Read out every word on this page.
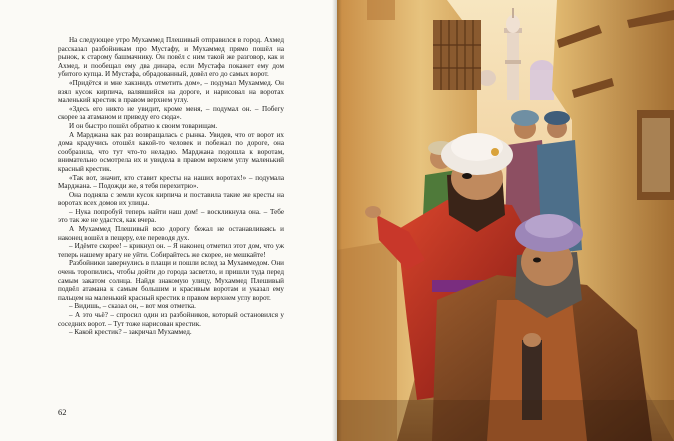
На следующее утро Мухаммед Плешивый отправился в город. Ахмед рассказал разбойникам про Мустафу, и Мухаммед прямо пошёл на рынок, к старому башмачнику. Он повёл с ним такой же разговор, как и Ахмед, и пообещал ему два динара, если Мустафа покажет ему дом убитого купца. И Мустафа, обрадованный, довёл его до самых ворот.

«Придётся и мне хакзнидъ отметить дом», – подумал Мухаммед. Он взял кусок кирпича, валявшийся на дороге, и нарисовал на воротах маленький крестик в правом верхнем углу.

«Здесь его никто не увидит, кроме меня, – подумал он. – Побегу скорее за атаманом и приведу его сюда».

И он быстро пошёл обратно к своим товарищам.

А Марджана как раз возвращалась с рынка. Увидев, что от ворот их дома крадучись отошёл какой-то человек и побежал по дороге, она сообразила, что тут что-то неладно. Марджана подошла к воротам, внимательно осмотрела их и увидела в правом верхнем углу маленький красный крестик.

«Так вот, значит, кто ставит кресты на наших воротах!» – подумала Марджана. – Подожди же, я тебя перехитрю».

Она подняла с земли кусок кирпича и поставила такие же кресты на воротах всех домов их улицы.

– Нука попробуй теперь найти наш дом! – воскликнула она. – Тебе это так же не удастся, как вчера.

А Мухаммед Плешивый всю дорогу бежал не останавливаясь и наконец вошёл в пещеру, еле переводя дух.

– Идёмте скорее! – крикнул он. – Я наконец отметил этот дом, что уж теперь нашему врагу не уйти. Собирайтесь же скорее, не мешкайте!

Разбойники завернулись в плащи и пошли вслед за Мухаммедом. Они очень торопились, чтобы дойти до города засветло, и пришли туда перед самым закатом солнца. Найдя знакомую улицу, Мухаммед Плешивый подвёл атамана к самым большим и красивым воротам и указал ему пальцем на маленький красный крестик в правом верхнем углу ворот.

– Видишь, – сказал он, – вот моя отметка.

– А это чьё? – спросил один из разбойников, который остановился у соседних ворот. – Тут тоже нарисован крестик.

– Какой крестик? – закричал Мухаммед.

62
